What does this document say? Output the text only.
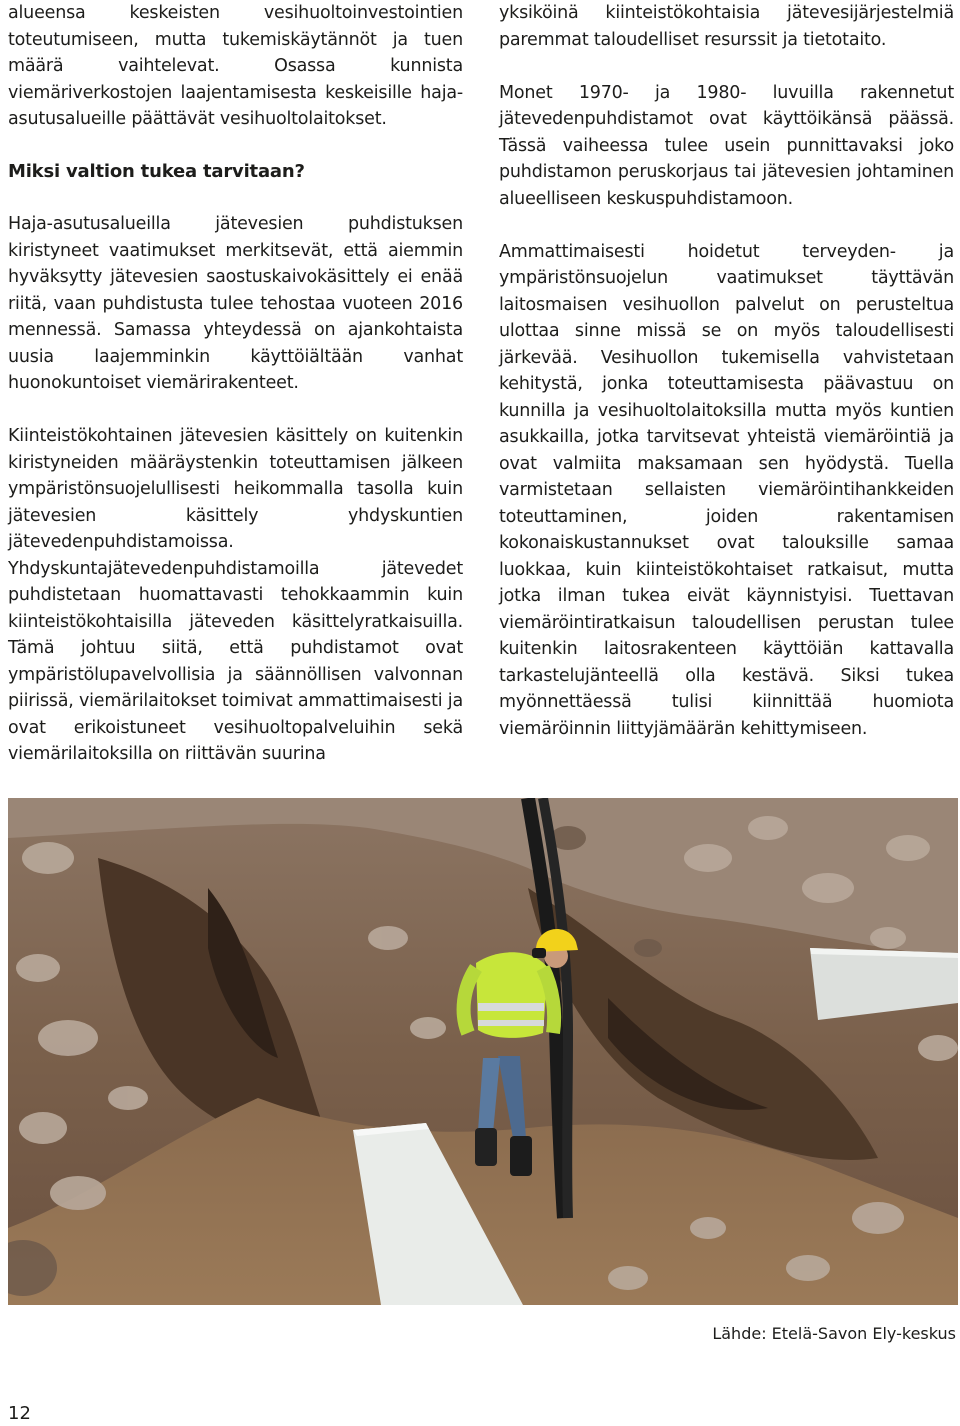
alueensa keskeisten vesihuoltoinvestointien toteutumiseen, mutta tukemiskäytännöt ja tuen määrä vaihtelevat. Osassa kunnista viemäriverkostojen laajentamisesta keskeisille haja-asutusalueille päättävät vesihuoltolaitokset.

Miksi valtion tukea tarvitaan?

Haja-asutusalueilla jätevesien puhdistuksen kiristyneet vaatimukset merkitsevät, että aiemmin hyväksytty jätevesien saostuskaivokäsittely ei enää riitä, vaan puhdistusta tulee tehostaa vuoteen 2016 mennessä. Samassa yhteydessä on ajankohtaista uusia laajemminkin käyttöiältään vanhat huonokuntoiset viemärirakenteet.

Kiinteistökohtainen jätevesien käsittely on kuitenkin kiristyneiden määräystenkin toteuttamisen jälkeen ympäristönsuojelullisesti heikommalla tasolla kuin jätevesien käsittely yhdyskuntien jätevedenpuhdistamoissa. Yhdyskuntajätevedenpuhdistamoilla jätevedet puhdistetaan huomattavasti tehokkaammin kuin kiinteistökohtaisilla jäteveden käsittelyratkaisuilla. Tämä johtuu siitä, että puhdistamot ovat ympäristölupavelvollisia ja säännöllisen valvonnan piirissä, viemärilaitokset toimivat ammattimaisesti ja ovat erikoistuneet vesihuoltopalveluihin sekä viemärilaitoksilla on riittävän suurina

yksiköinä kiinteistökohtaisia jätevesijärjestelmiä paremmat taloudelliset resurssit ja tietotaito.

Monet 1970- ja 1980- luvuilla rakennetut jätevedenpuhdistamot ovat käyttöikänsä päässä. Tässä vaiheessa tulee usein punnittavaksi joko puhdistamon peruskorjaus tai jätevesien johtaminen alueelliseen keskuspuhdistamoon.

Ammattimaisesti hoidetut terveyden- ja ympäristönsuojelun vaatimukset täyttävän laitosmaisen vesihuollon palvelut on perusteltua ulottaa sinne missä se on myös taloudellisesti järkevää. Vesihuollon tukemisella vahvistetaan kehitystä, jonka toteuttamisesta päävastuu on kunnilla ja vesihuoltolaitoksilla mutta myös kuntien asukkailla, jotka tarvitsevat yhteistä viemäröintiä ja ovat valmiita maksamaan sen hyödystä. Tuella varmistetaan sellaisten viemäröintihankkeiden toteuttaminen, joiden rakentamisen kokonaiskustannukset ovat talouksille samaa luokkaa, kuin kiinteistökohtaiset ratkaisut, mutta jotka ilman tukea eivät käynnistyisi. Tuettavan viemäröintiratkaisun taloudellisen perustan tulee kuitenkin laitosrakenteen käyttöiän kattavalla tarkastelujänteellä olla kestävä. Siksi tukea myönnettäessä tulisi kiinnittää huomiota viemäröinnin liittyjämäärän kehittymiseen.

Lähde: Etelä-Savon Ely-keskus
12
